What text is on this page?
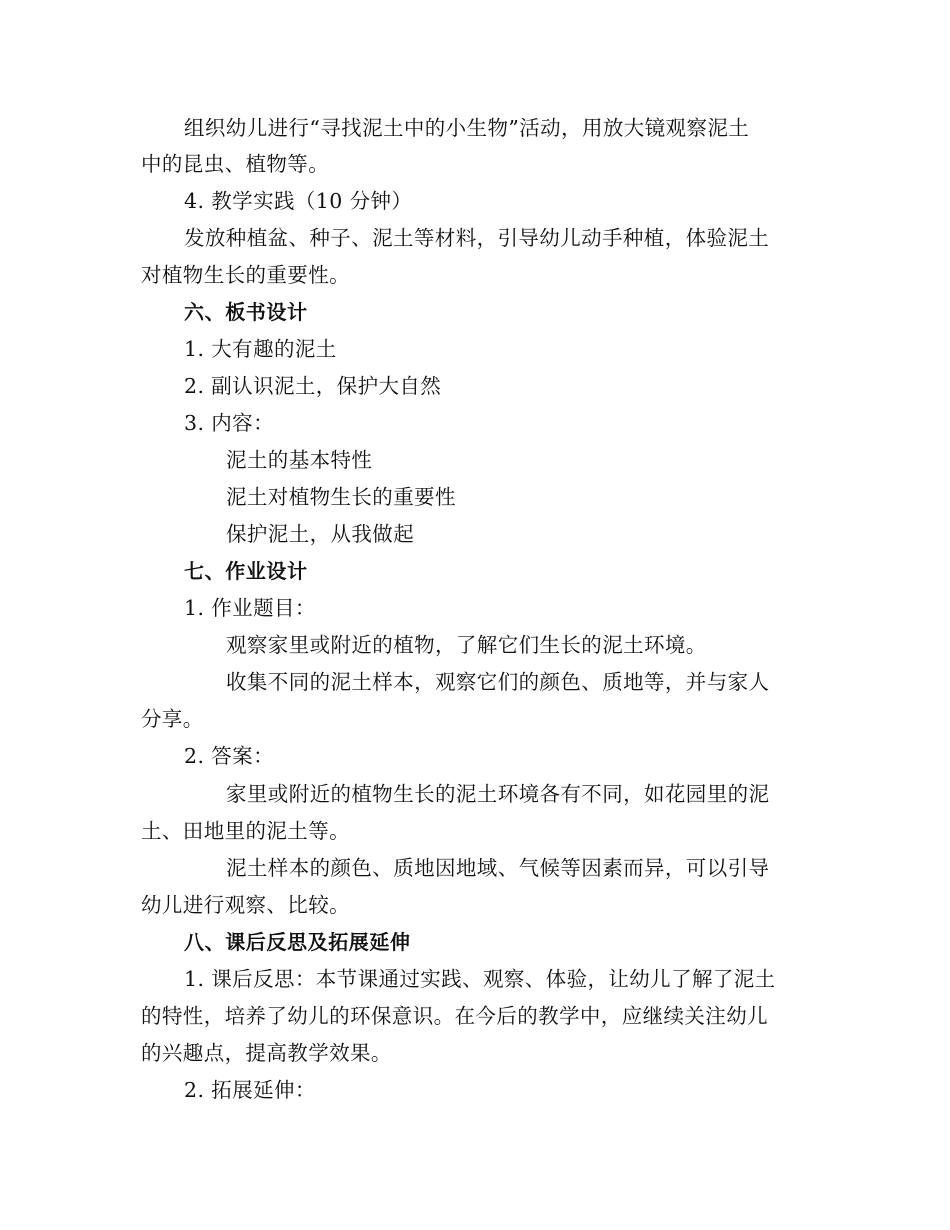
组织幼儿进行“寻找泥土中的小生物”活动，用放大镜观察泥土
中的昆虫、植物等。
4. 教学实践（10 分钟）
发放种植盆、种子、泥土等材料，引导幼儿动手种植，体验泥土
对植物生长的重要性。
六、板书设计
1. 大有趣的泥土
2. 副认识泥土，保护大自然
3. 内容：
泥土的基本特性
泥土对植物生长的重要性
保护泥土，从我做起
七、作业设计
1. 作业题目：
观察家里或附近的植物，了解它们生长的泥土环境。
收集不同的泥土样本，观察它们的颜色、质地等，并与家人
分享。
2. 答案：
家里或附近的植物生长的泥土环境各有不同，如花园里的泥
土、田地里的泥土等。
泥土样本的颜色、质地因地域、气候等因素而异，可以引导
幼儿进行观察、比较。
八、课后反思及拓展延伸
1. 课后反思：本节课通过实践、观察、体验，让幼儿了解了泥土
的特性，培养了幼儿的环保意识。在今后的教学中，应继续关注幼儿
的兴趣点，提高教学效果。
2. 拓展延伸：
